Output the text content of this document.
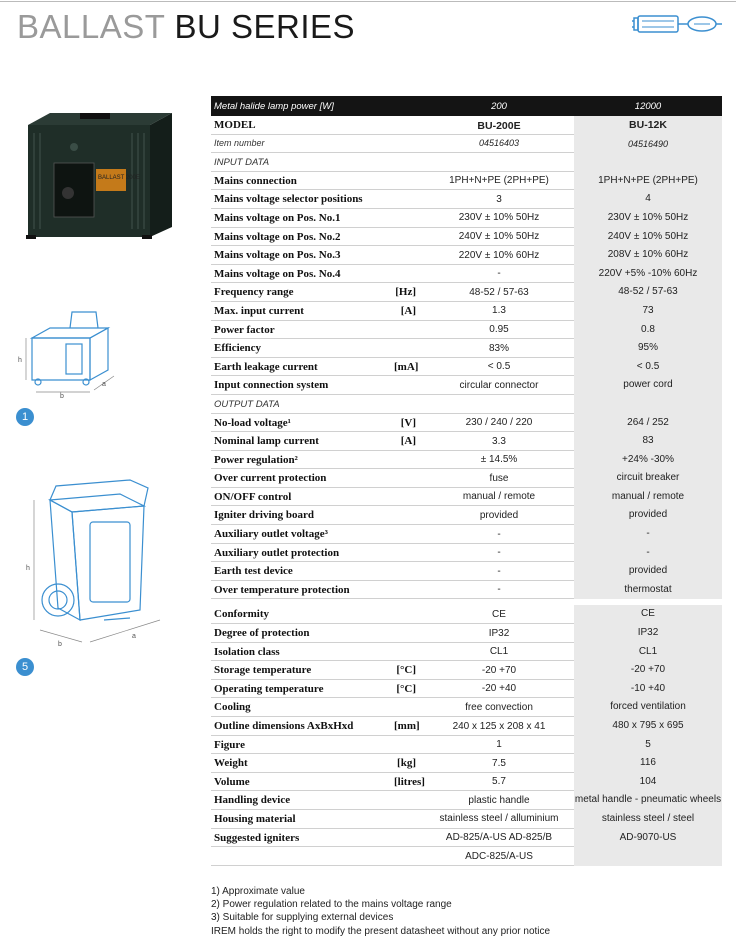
BALLAST BU SERIES
BALLAST 200E
h
b
a
1
h
b
a
5
Metal halide lamp power [W]	200	12000
MODEL	BU-200E	BU-12K
Item number	04516403	04516490
INPUT DATA
Mains connection	1PH+N+PE (2PH+PE)	1PH+N+PE (2PH+PE)
Mains voltage selector positions	3	4
Mains voltage on Pos. No.1	230V ± 10% 50Hz	230V ± 10% 50Hz
Mains voltage on Pos. No.2	240V ± 10% 50Hz	240V ± 10% 50Hz
Mains voltage on Pos. No.3	220V ± 10% 60Hz	208V ± 10% 60Hz
Mains voltage on Pos. No.4	-	220V +5% -10% 60Hz
Frequency range	[Hz]	48-52 / 57-63	48-52 / 57-63
Max. input current	[A]	1.3	73
Power factor	0.95	0.8
Efficiency	83%	95%
Earth leakage current	[mA]	< 0.5	< 0.5
Input connection system	circular connector	power cord
OUTPUT DATA
No-load voltage¹	[V]	230 / 240 / 220	264 / 252
Nominal lamp current	[A]	3.3	83
Power regulation²	± 14.5%	+24% -30%
Over current protection	fuse	circuit breaker
ON/OFF control	manual / remote	manual / remote
Igniter driving board	provided	provided
Auxiliary outlet voltage³	-	-
Auxiliary outlet protection	-	-
Earth test device	-	provided
Over temperature protection	-	thermostat
Conformity	CE	CE
Degree of protection	IP32	IP32
Isolation class	CL1	CL1
Storage temperature	[°C]	-20 +70	-20 +70
Operating temperature	[°C]	-20 +40	-10 +40
Cooling	free convection	forced ventilation
Outline dimensions AxBxHxd	[mm]	240 x 125 x 208 x 41	480 x 795 x 695
Figure	1	5
Weight	[kg]	7.5	116
Volume	[litres]	5.7	104
Handling device	plastic handle	metal handle - pneumatic wheels
Housing material	stainless steel / alluminium	stainless steel / steel
Suggested igniters	AD-825/A-US AD-825/B	AD-9070-US
ADC-825/A-US
1) Approximate value
2) Power regulation related to the mains voltage range
3) Suitable for supplying external devices
IREM holds the right to modify the present datasheet without any prior notice
